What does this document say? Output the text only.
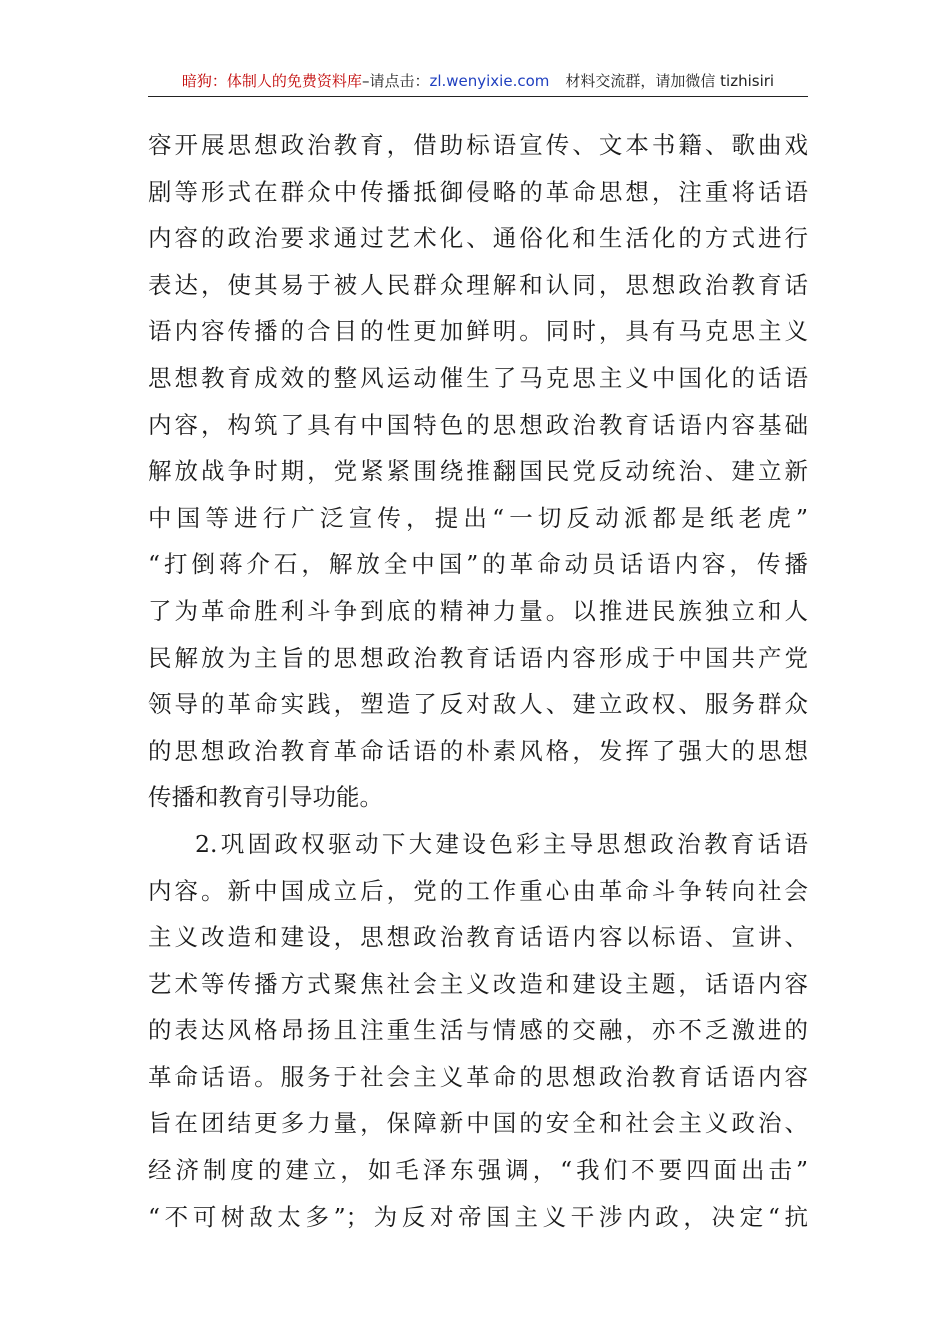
暗狗：体制人的免费资料库–请点击：zl.wenyixie.com 材料交流群，请加微信 tizhisiri
容开展思想政治教育，借助标语宣传、文本书籍、歌曲戏
剧等形式在群众中传播抵御侵略的革命思想，注重将话语
内容的政治要求通过艺术化、通俗化和生活化的方式进行
表达，使其易于被人民群众理解和认同，思想政治教育话
语内容传播的合目的性更加鲜明。同时，具有马克思主义
思想教育成效的整风运动催生了马克思主义中国化的话语
内容，构筑了具有中国特色的思想政治教育话语内容基础
解放战争时期，党紧紧围绕推翻国民党反动统治、建立新
中国等进行广泛宣传，提出“一切反动派都是纸老虎”
“打倒蒋介石，解放全中国”的革命动员话语内容，传播
了为革命胜利斗争到底的精神力量。以推进民族独立和人
民解放为主旨的思想政治教育话语内容形成于中国共产党
领导的革命实践，塑造了反对敌人、建立政权、服务群众
的思想政治教育革命话语的朴素风格，发挥了强大的思想
传播和教育引导功能。
2.巩固政权驱动下大建设色彩主导思想政治教育话语
内容。新中国成立后，党的工作重心由革命斗争转向社会
主义改造和建设，思想政治教育话语内容以标语、宣讲、
艺术等传播方式聚焦社会主义改造和建设主题，话语内容
的表达风格昂扬且注重生活与情感的交融，亦不乏激进的
革命话语。服务于社会主义革命的思想政治教育话语内容
旨在团结更多力量，保障新中国的安全和社会主义政治、
经济制度的建立，如毛泽东强调，“我们不要四面出击”
“不可树敌太多”；为反对帝国主义干涉内政，决定“抗
